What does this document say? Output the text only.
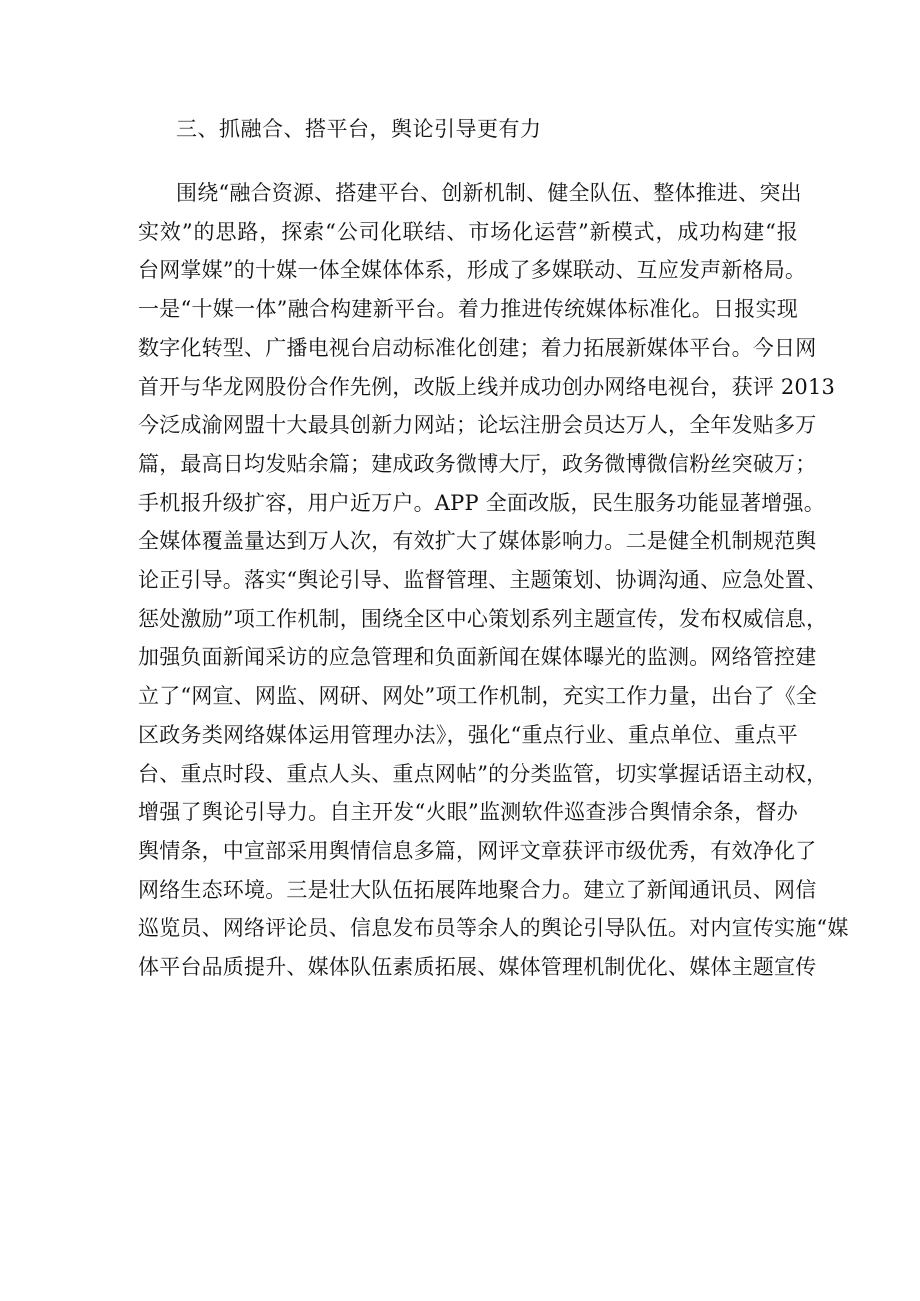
三、抓融合、搭平台，舆论引导更有力
围绕“融合资源、搭建平台、创新机制、健全队伍、整体推进、突出
实效”的思路，探索“公司化联结、市场化运营”新模式，成功构建“报
台网掌媒”的十媒一体全媒体体系，形成了多媒联动、互应发声新格局。
一是“十媒一体”融合构建新平台。着力推进传统媒体标准化。日报实现
数字化转型、广播电视台启动标准化创建；着力拓展新媒体平台。今日网
首开与华龙网股份合作先例，改版上线并成功创办网络电视台，获评 2013
今泛成渝网盟十大最具创新力网站；论坛注册会员达万人，全年发贴多万
篇，最高日均发贴余篇；建成政务微博大厅，政务微博微信粉丝突破万；
手机报升级扩容，用户近万户。APP 全面改版，民生服务功能显著增强。
全媒体覆盖量达到万人次，有效扩大了媒体影响力。二是健全机制规范舆
论正引导。落实“舆论引导、监督管理、主题策划、协调沟通、应急处置、
惩处激励”项工作机制，围绕全区中心策划系列主题宣传，发布权威信息，
加强负面新闻采访的应急管理和负面新闻在媒体曝光的监测。网络管控建
立了“网宣、网监、网研、网处”项工作机制，充实工作力量，出台了《全
区政务类网络媒体运用管理办法》，强化“重点行业、重点单位、重点平
台、重点时段、重点人头、重点网帖”的分类监管，切实掌握话语主动权，
增强了舆论引导力。自主开发“火眼”监测软件巡查涉合舆情余条，督办
舆情条，中宣部采用舆情信息多篇，网评文章获评市级优秀，有效净化了
网络生态环境。三是壮大队伍拓展阵地聚合力。建立了新闻通讯员、网信
巡览员、网络评论员、信息发布员等余人的舆论引导队伍。对内宣传实施“媒
体平台品质提升、媒体队伍素质拓展、媒体管理机制优化、媒体主题宣传
